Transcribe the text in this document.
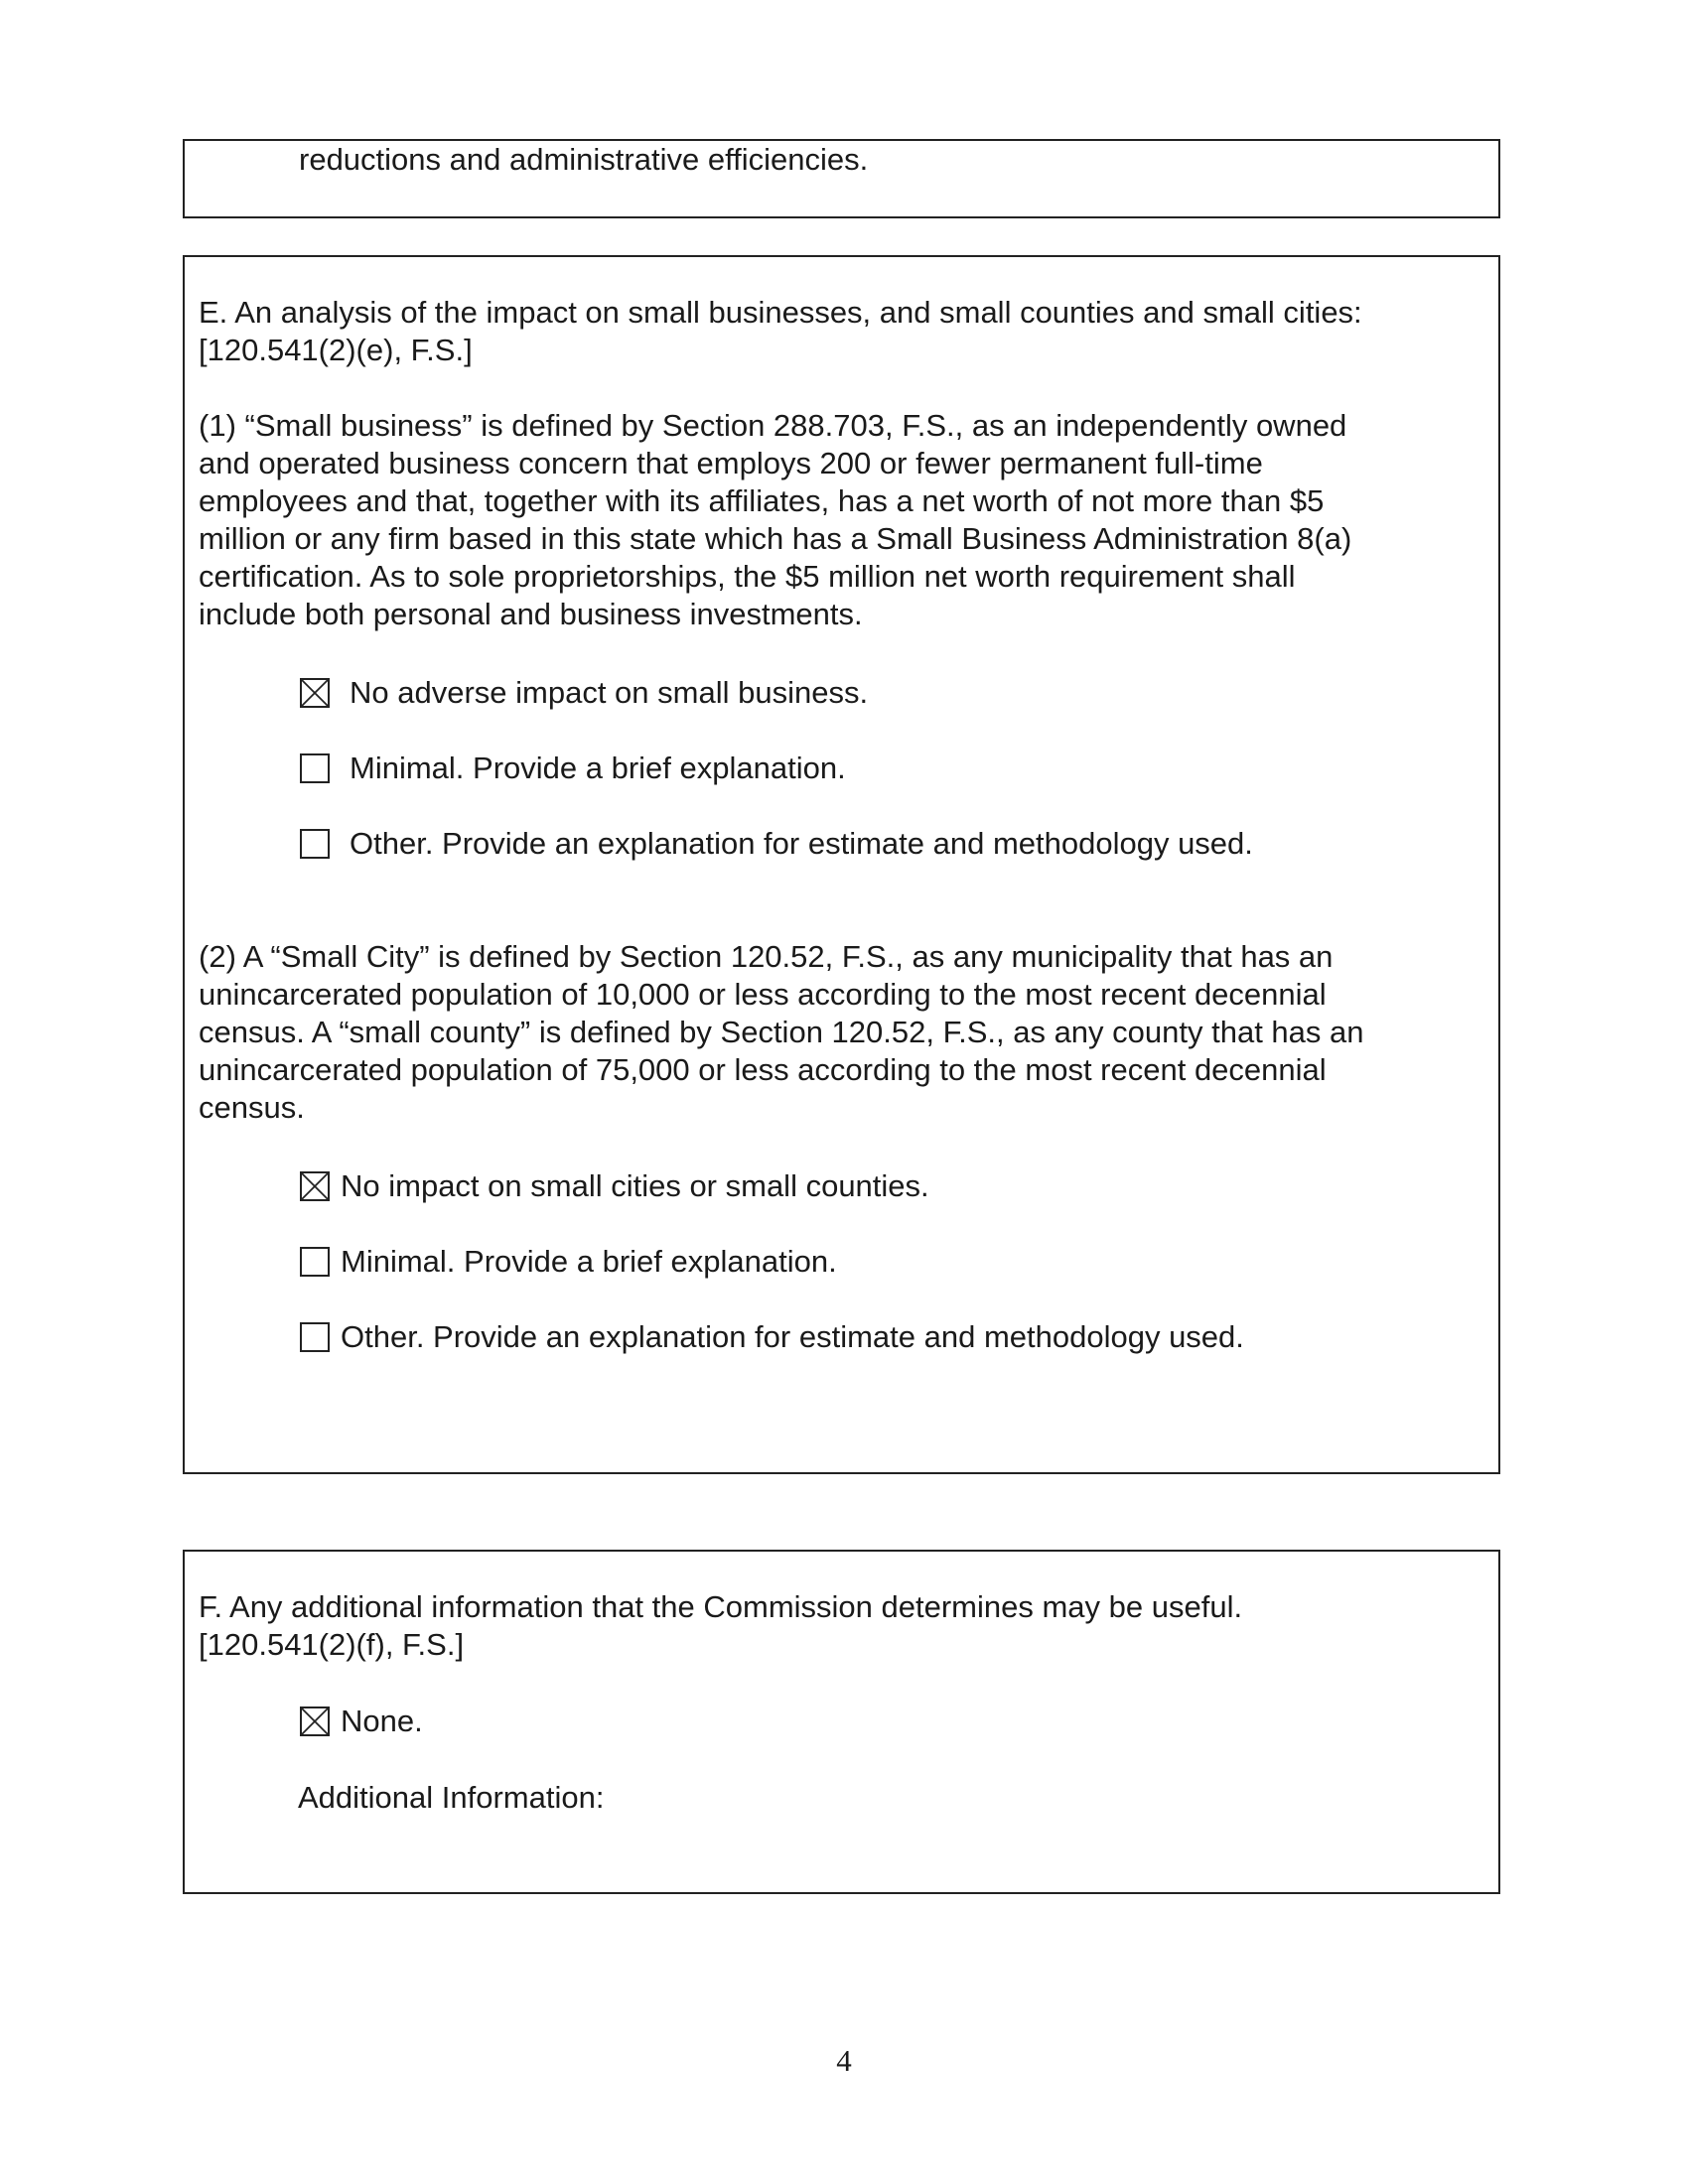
reductions and administrative efficiencies.

E. An analysis of the impact on small businesses, and small counties and small cities:

[120.541(2)(e), F.S.]

(1) “Small business” is defined by Section 288.703, F.S., as an independently owned

and operated business concern that employs 200 or fewer permanent full-time

employees and that, together with its affiliates, has a net worth of not more than $5

million or any firm based in this state which has a Small Business Administration 8(a)

certification. As to sole proprietorships, the $5 million net worth requirement shall

include both personal and business investments.

No adverse impact on small business.
Minimal. Provide a brief explanation.
Other. Provide an explanation for estimate and methodology used.

(2) A “Small City” is defined by Section 120.52, F.S., as any municipality that has an

unincarcerated population of 10,000 or less according to the most recent decennial

census. A “small county” is defined by Section 120.52, F.S., as any county that has an

unincarcerated population of 75,000 or less according to the most recent decennial

census.

No impact on small cities or small counties.
Minimal. Provide a brief explanation.
Other. Provide an explanation for estimate and methodology used.

F. Any additional information that the Commission determines may be useful.

[120.541(2)(f), F.S.]

None.

Additional Information:

4
